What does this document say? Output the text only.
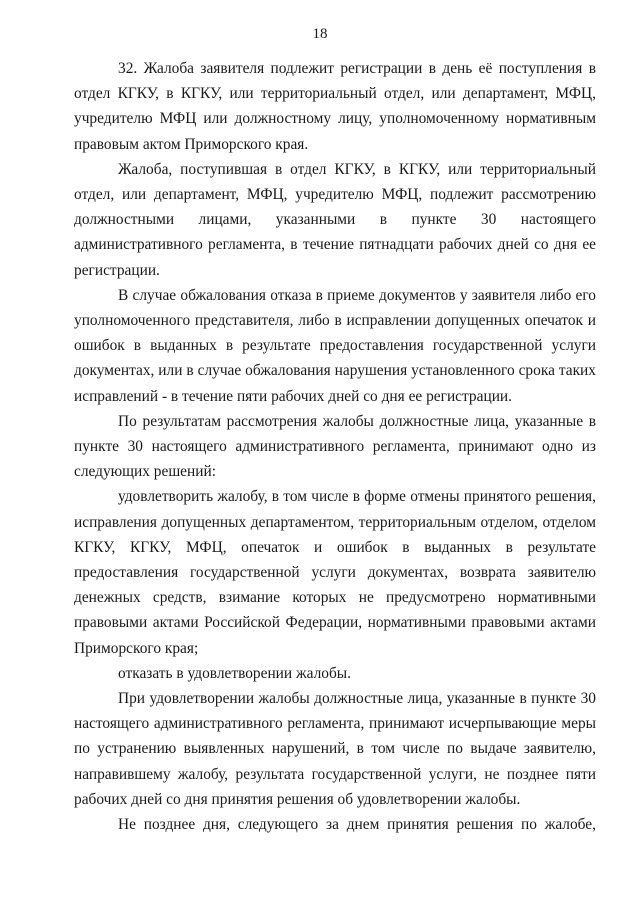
18

32. Жалоба заявителя подлежит регистрации в день её поступления в отдел КГКУ, в КГКУ, или территориальный отдел, или департамент, МФЦ, учредителю МФЦ или должностному лицу, уполномоченному нормативным правовым актом Приморского края.

Жалоба, поступившая в отдел КГКУ, в КГКУ, или территориальный отдел, или департамент, МФЦ, учредителю МФЦ, подлежит рассмотрению должностными лицами, указанными в пункте 30 настоящего административного регламента, в течение пятнадцати рабочих дней со дня ее регистрации.

В случае обжалования отказа в приеме документов у заявителя либо его уполномоченного представителя, либо в исправлении допущенных опечаток и ошибок в выданных в результате предоставления государственной услуги документах, или в случае обжалования нарушения установленного срока таких исправлений - в течение пяти рабочих дней со дня ее регистрации.

По результатам рассмотрения жалобы должностные лица, указанные в пункте 30 настоящего административного регламента, принимают одно из следующих решений:

удовлетворить жалобу, в том числе в форме отмены принятого решения, исправления допущенных департаментом, территориальным отделом, отделом КГКУ, КГКУ, МФЦ, опечаток и ошибок в выданных в результате предоставления государственной услуги документах, возврата заявителю денежных средств, взимание которых не предусмотрено нормативными правовыми актами Российской Федерации, нормативными правовыми актами Приморского края;

отказать в удовлетворении жалобы.

При удовлетворении жалобы должностные лица, указанные в пункте 30 настоящего административного регламента, принимают исчерпывающие меры по устранению выявленных нарушений, в том числе по выдаче заявителю, направившему жалобу, результата государственной услуги, не позднее пяти рабочих дней со дня принятия решения об удовлетворении жалобы.

Не позднее дня, следующего за днем принятия решения по жалобе,
